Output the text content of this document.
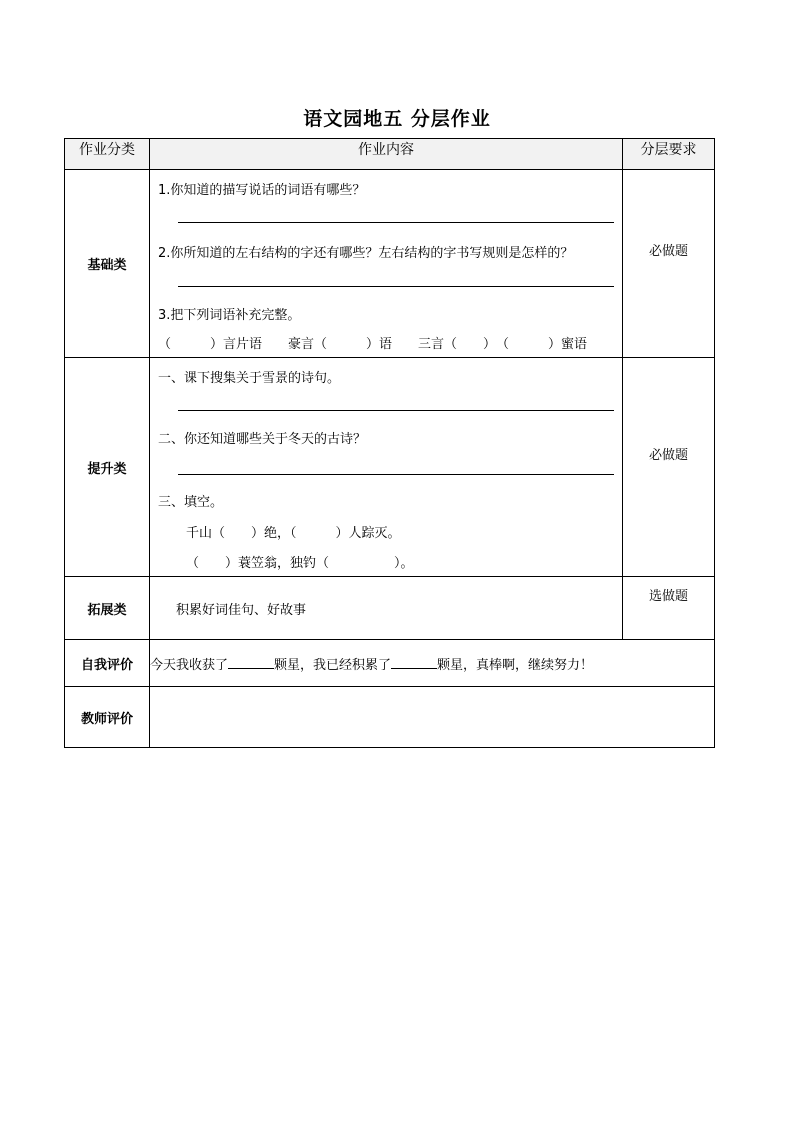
语文园地五 分层作业
作业分类	作业内容	分层要求
基础类	1.你知道的描写说话的词语有哪些？
2.你所知道的左右结构的字还有哪些？左右结构的字书写规则是怎样的？
3.把下列词语补充完整。
（　　　）言片语　　豪言（　　　）语　　三言（　　）　（　　　）蜜语	必做题

提升类	一、课下搜集关于雪景的诗句。
二、你还知道哪些关于冬天的古诗？
三、填空。
千山（　　）绝，（　　　）人踪灭。
（　　）蓑笠翁，独钓（　　　　　）。	必做题

拓展类	积累好词佳句、好故事	选做题

自我评价	今天我收获了 颗星，我已经积累了 颗星，真棒啊，继续努力！	
教师评价		
